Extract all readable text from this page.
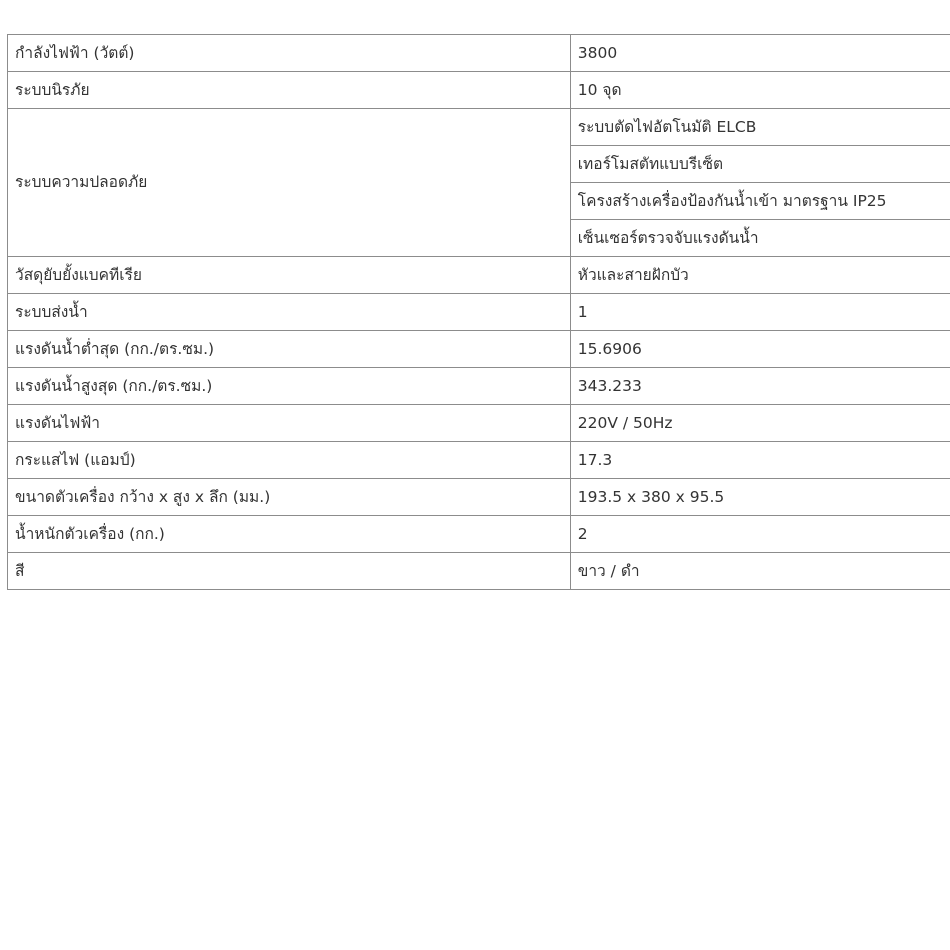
กำลังไฟฟ้า (วัตต์)	3800
ระบบนิรภัย	10 จุด
ระบบความปลอดภัย	ระบบตัดไฟอัตโนมัติ ELCB
	เทอร์โมสตัทแบบรีเซ็ต
	โครงสร้างเครื่องป้องกันน้ำเข้า มาตรฐาน IP25
	เซ็นเซอร์ตรวจจับแรงดันน้ำ
วัสดุยับยั้งแบคทีเรีย	หัวและสายฝักบัว
ระบบส่งน้ำ	1
แรงดันน้ำต่ำสุด (กก./ตร.ซม.)	15.6906
แรงดันน้ำสูงสุด (กก./ตร.ซม.)	343.233
แรงดันไฟฟ้า	220V / 50Hz
กระแสไฟ (แอมป์)	17.3
ขนาดตัวเครื่อง กว้าง x สูง x ลึก (มม.)	193.5 x 380 x 95.5
น้ำหนักตัวเครื่อง (กก.)	2
สี	ขาว / ดำ
